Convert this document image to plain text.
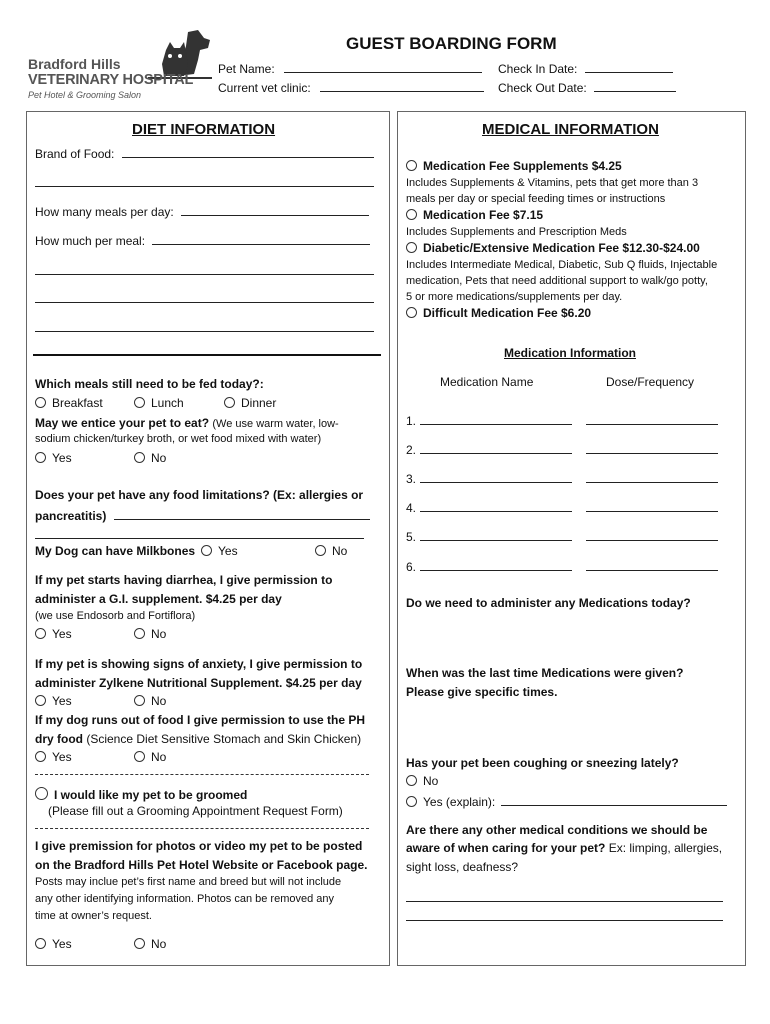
Bradford Hills
VETERINARY HOSPITAL
Pet Hotel & Grooming Salon
GUEST BOARDING FORM
Pet Name:
Current vet clinic:
Check In Date:
Check Out Date:
DIET INFORMATION
Brand of Food:
How many meals per day:
How much per meal:
Which meals still need to be fed today?:
Breakfast	Lunch	Dinner
May we entice your pet to eat? (We use warm water, low-
sodium chicken/turkey broth, or wet food mixed with water)
Yes	No
Does your pet have any food limitations? (Ex: allergies or
pancreatitis)
My Dog can have Milkbones	Yes	No
If my pet starts having diarrhea, I give permission to
administer a G.I. supplement. $4.25 per day
(we use Endosorb and Fortiflora)
Yes	No
If my pet is showing signs of anxiety, I give permission to
administer Zylkene Nutritional Supplement. $4.25 per day
Yes	No
If my dog runs out of food I give permission to use the PH
dry food (Science Diet Sensitive Stomach and Skin Chicken)
Yes	No
I would like my pet to be groomed
(Please fill out a Grooming Appointment Request Form)
I give premission for photos or video my pet to be posted
on the Bradford Hills Pet Hotel Website or Facebook page.
Posts may inclue pet’s first name and breed but will not include
any other identifying information. Photos can be removed any
time at owner’s request.
Yes	No
MEDICAL INFORMATION
Medication Fee Supplements $4.25
Includes Supplements & Vitamins, pets that get more than 3
meals per day or special feeding times or instructions
Medication Fee $7.15
Includes Supplements and Prescription Meds
Diabetic/Extensive Medication Fee $12.30-$24.00
Includes Intermediate Medical, Diabetic, Sub Q fluids, Injectable
medication, Pets that need additional support to walk/go potty,
5 or more medications/supplements per day.
Difficult Medication Fee $6.20
Medication Information
Medication Name	Dose/Frequency
1.
2.
3.
4.
5.
6.
Do we need to administer any Medications today?
When was the last time Medications were given?
Please give specific times.
Has your pet been coughing or sneezing lately?
No
Yes (explain):
Are there any other medical conditions we should be
aware of when caring for your pet? Ex: limping, allergies,
sight loss, deafness?
